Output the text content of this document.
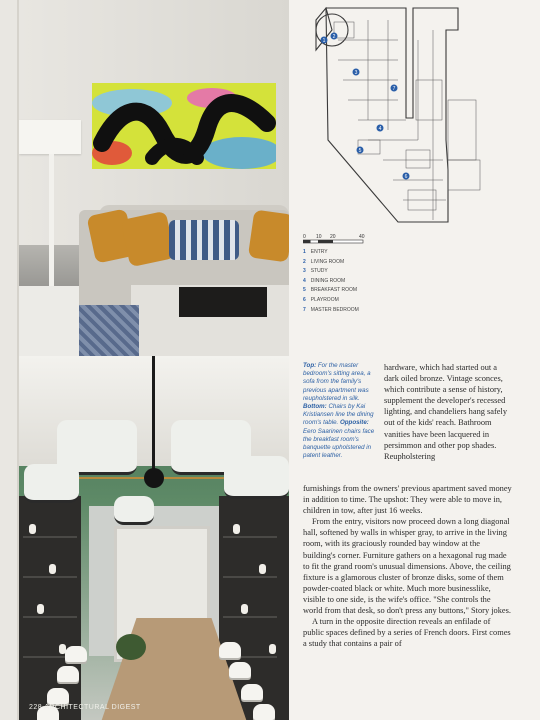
228 ARCHITECTURAL DIGEST
1
2
3
4
5
6
7
0 10 20	40
1 ENTRY
2 LIVING ROOM
3 STUDY
4 DINING ROOM
5 BREAKFAST ROOM
6 PLAYROOM
7 MASTER BEDROOM
Top: For the master bedroom's sitting area, a sofa from the family's previous apartment was reupholstered in silk. Bottom: Chairs by Kai Kristiansen line the dining room's table. Opposite: Eero Saarinen chairs face the breakfast room's banquette upholstered in patent leather.
hardware, which had started out a dark oiled bronze. Vintage sconces, which contribute a sense of history, supplement the developer's recessed lighting, and chandeliers hang safely out of the kids' reach. Bathroom vanities have been lacquered in persimmon and other pop shades. Reupholstering

furnishings from the owners' previous apartment saved money in addition to time. The upshot: They were able to move in, children in tow, after just 16 weeks.

From the entry, visitors now proceed down a long diagonal hall, softened by walls in whisper gray, to arrive in the living room, with its graciously rounded bay window at the building's corner. Furniture gathers on a hexagonal rug made to fit the grand room's unusual dimensions. Above, the ceiling fixture is a glamorous cluster of bronze disks, some of them powder-coated black or white. Much more businesslike, visible to one side, is the wife's office. "She controls the world from that desk, so don't press any buttons," Story jokes.

A turn in the opposite direction reveals an enfilade of public spaces defined by a series of French doors. First comes a study that contains a pair of
